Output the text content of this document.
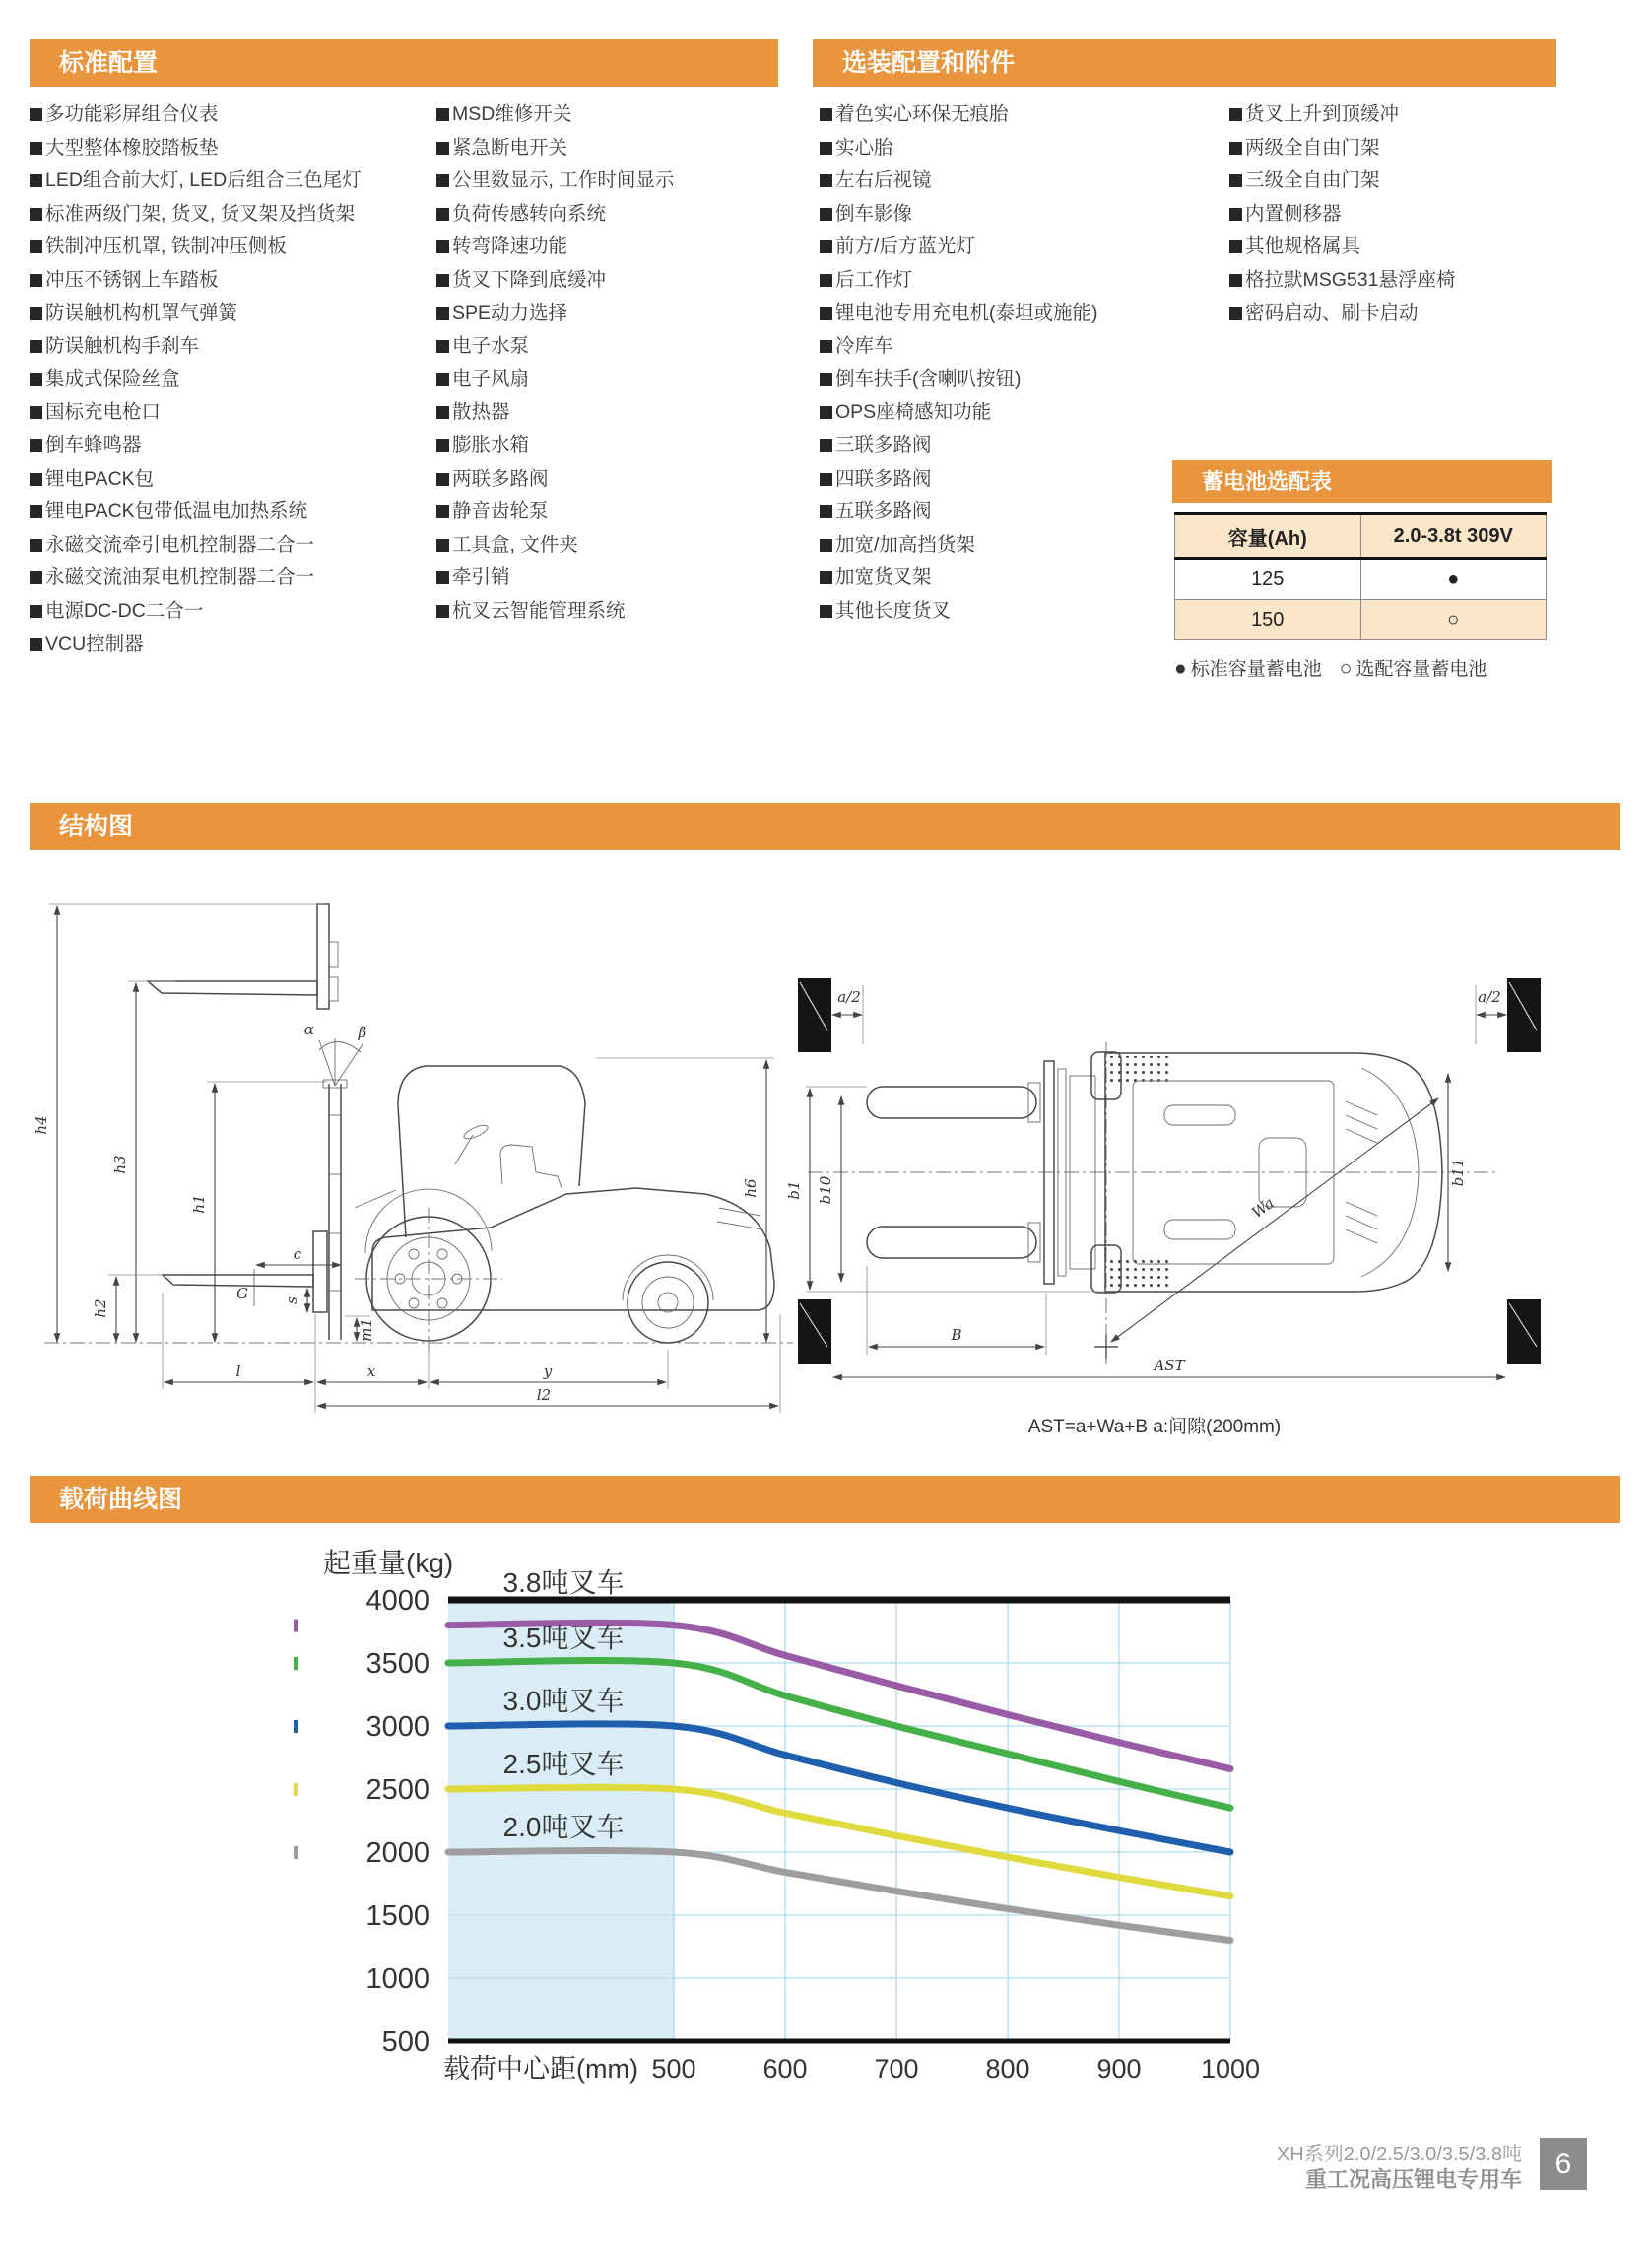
标准配置	选装配置和附件
多功能彩屏组合仪表
大型整体橡胶踏板垫
LED组合前大灯, LED后组合三色尾灯
标准两级门架, 货叉, 货叉架及挡货架
铁制冲压机罩, 铁制冲压侧板
冲压不锈钢上车踏板
防误触机构机罩气弹簧
防误触机构手刹车
集成式保险丝盒
国标充电枪口
倒车蜂鸣器
锂电PACK包
锂电PACK包带低温电加热系统
永磁交流牵引电机控制器二合一
永磁交流油泵电机控制器二合一
电源DC-DC二合一
VCU控制器
MSD维修开关
紧急断电开关
公里数显示, 工作时间显示
负荷传感转向系统
转弯降速功能
货叉下降到底缓冲
SPE动力选择
电子水泵
电子风扇
散热器
膨胀水箱
两联多路阀
静音齿轮泵
工具盒, 文件夹
牵引销
杭叉云智能管理系统
着色实心环保无痕胎
实心胎
左右后视镜
倒车影像
前方/后方蓝光灯
后工作灯
锂电池专用充电机(泰坦或施能)
冷库车
倒车扶手(含喇叭按钮)
OPS座椅感知功能
三联多路阀
四联多路阀
五联多路阀
加宽/加高挡货架
加宽货叉架
其他长度货叉
货叉上升到顶缓冲
两级全自由门架
三级全自由门架
内置侧移器
其他规格属具
格拉默MSG531悬浮座椅
密码启动、刷卡启动
蓄电池选配表
容量(Ah)	2.0-3.8t 309V
125	●
150	○
● 标准容量蓄电池 ○ 选配容量蓄电池
结构图
α	β
h4
h3
h1
h2
h6
G
c
s
m1
l	x	y
l2
a/2	a/2
b1 b10
b11
B
Wa
AST
AST=a+Wa+B a:间隙(200mm)
载荷曲线图
3.8吨叉车
3.5吨叉车
3.0吨叉车
2.5吨叉车
2.0吨叉车
4000
3500
3000
2500
2000
1500
1000
500
500	600	700	800	900 1000
载荷中心距(mm)
起重量(kg)
XH系列2.0/2.5/3.0/3.5/3.8吨
重工况高压锂电专用车	6
